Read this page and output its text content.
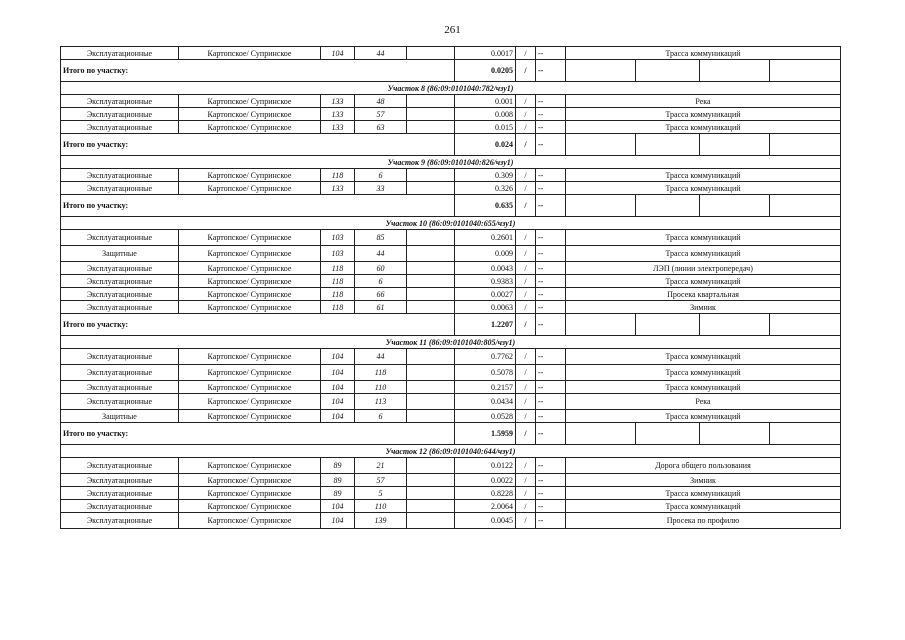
261
Эксплуатационные	Картопское/ Супринское	104	44		0.0017	/	--	Трасса коммуникаций			
Итого по участку:					0.0205	/	--				
Участок 8 (86:09:0101040:782/чзу1)											
Эксплуатационные	Картопское/ Супринское	133	48		0.001	/	--	Река			
Эксплуатационные	Картопское/ Супринское	133	57		0.008	/	--	Трасса коммуникаций			
Эксплуатационные	Картопское/ Супринское	133	63		0.015	/	--	Трасса коммуникаций			
Итого по участку:					0.024	/	--				
Участок 9 (86:09:0101040:826/чзу1)											
Эксплуатационные	Картопское/ Супринское	118	6		0.309	/	--	Трасса коммуникаций			
Эксплуатационные	Картопское/ Супринское	133	33		0.326	/	--	Трасса коммуникаций			
Итого по участку:					0.635	/	--				
Участок 10 (86:09:0101040:655/чзу1)											
Эксплуатационные	Картопское/ Супринское	103	85		0.2601	/	--	Трасса коммуникаций			
Защитные	Картопское/ Супринское	103	44		0.009	/	--	Трасса коммуникаций			
Эксплуатационные	Картопское/ Супринское	118	60		0.0043	/	--	ЛЭП (линии электропередач)			
Эксплуатационные	Картопское/ Супринское	118	6		0.9383	/	--	Трасса коммуникаций			
Эксплуатационные	Картопское/ Супринское	118	66		0.0027	/	--	Просека квартальная			
Эксплуатационные	Картопское/ Супринское	118	61		0.0063	/	--	Зимник			
Итого по участку:					1.2207	/	--				
Участок 11 (86:09:0101040:805/чзу1)											
Эксплуатационные	Картопское/ Супринское	104	44		0.7762	/	--	Трасса коммуникаций			
Эксплуатационные	Картопское/ Супринское	104	118		0.5078	/	--	Трасса коммуникаций			
Эксплуатационные	Картопское/ Супринское	104	110		0.2157	/	--	Трасса коммуникаций			
Эксплуатационные	Картопское/ Супринское	104	113		0.0434	/	--	Река			
Защитные	Картопское/ Супринское	104	6		0.0528	/	--	Трасса коммуникаций			
Итого по участку:					1.5959	/	--				
Участок 12 (86:09:0101040:644/чзу1)											
Эксплуатационные	Картопское/ Супринское	89	21		0.0122	/	--	Дорога общего пользования			
Эксплуатационные	Картопское/ Супринское	89	57		0.0022	/	--	Зимник			
Эксплуатационные	Картопское/ Супринское	89	5		0.8228	/	--	Трасса коммуникаций			
Эксплуатационные	Картопское/ Супринское	104	110		2.0064	/	--	Трасса коммуникаций			
Эксплуатационные	Картопское/ Супринское	104	139		0.0045	/	--	Просека по профилю			
